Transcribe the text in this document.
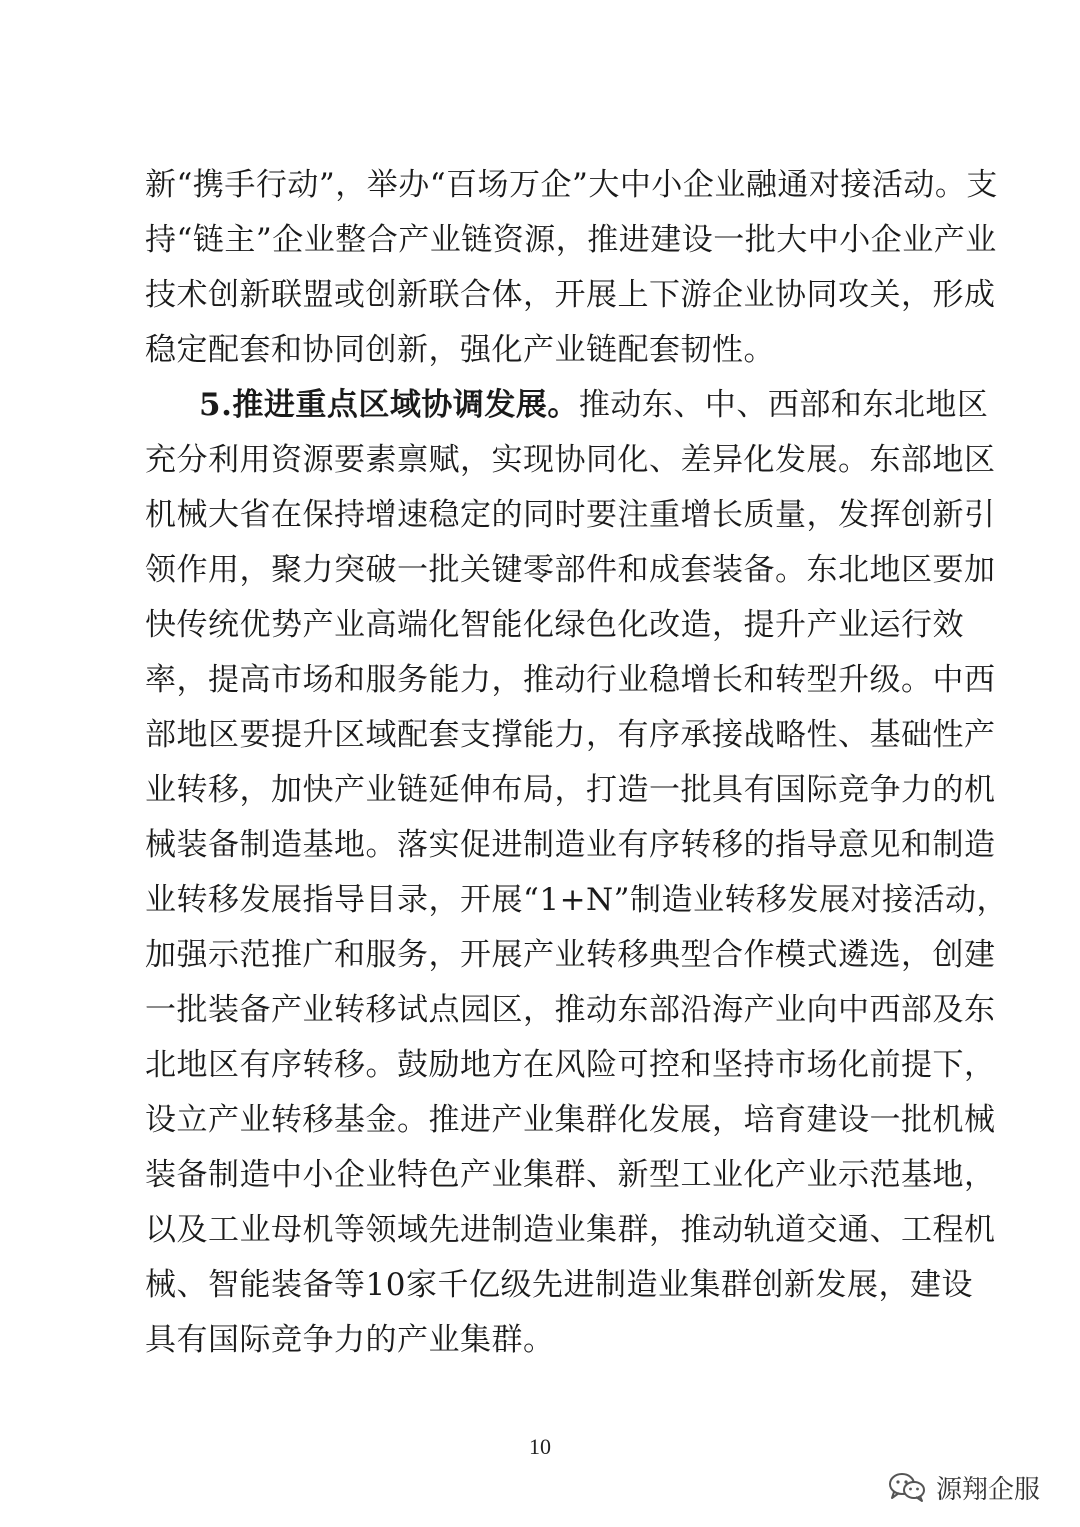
新“携手行动”，举办“百场万企”大中小企业融通对接活动。支
持“链主”企业整合产业链资源，推进建设一批大中小企业产业
技术创新联盟或创新联合体，开展上下游企业协同攻关，形成
稳定配套和协同创新，强化产业链配套韧性。
5.推进重点区域协调发展。推动东、中、西部和东北地区
充分利用资源要素禀赋，实现协同化、差异化发展。东部地区
机械大省在保持增速稳定的同时要注重增长质量，发挥创新引
领作用，聚力突破一批关键零部件和成套装备。东北地区要加
快传统优势产业高端化智能化绿色化改造，提升产业运行效
率，提高市场和服务能力，推动行业稳增长和转型升级。中西
部地区要提升区域配套支撑能力，有序承接战略性、基础性产
业转移，加快产业链延伸布局，打造一批具有国际竞争力的机
械装备制造基地。落实促进制造业有序转移的指导意见和制造
业转移发展指导目录，开展“1+N”制造业转移发展对接活动，
加强示范推广和服务，开展产业转移典型合作模式遴选，创建
一批装备产业转移试点园区，推动东部沿海产业向中西部及东
北地区有序转移。鼓励地方在风险可控和坚持市场化前提下，
设立产业转移基金。推进产业集群化发展，培育建设一批机械
装备制造中小企业特色产业集群、新型工业化产业示范基地，
以及工业母机等领域先进制造业集群，推动轨道交通、工程机
械、智能装备等10家千亿级先进制造业集群创新发展，建设
具有国际竞争力的产业集群。
10
源翔企服
